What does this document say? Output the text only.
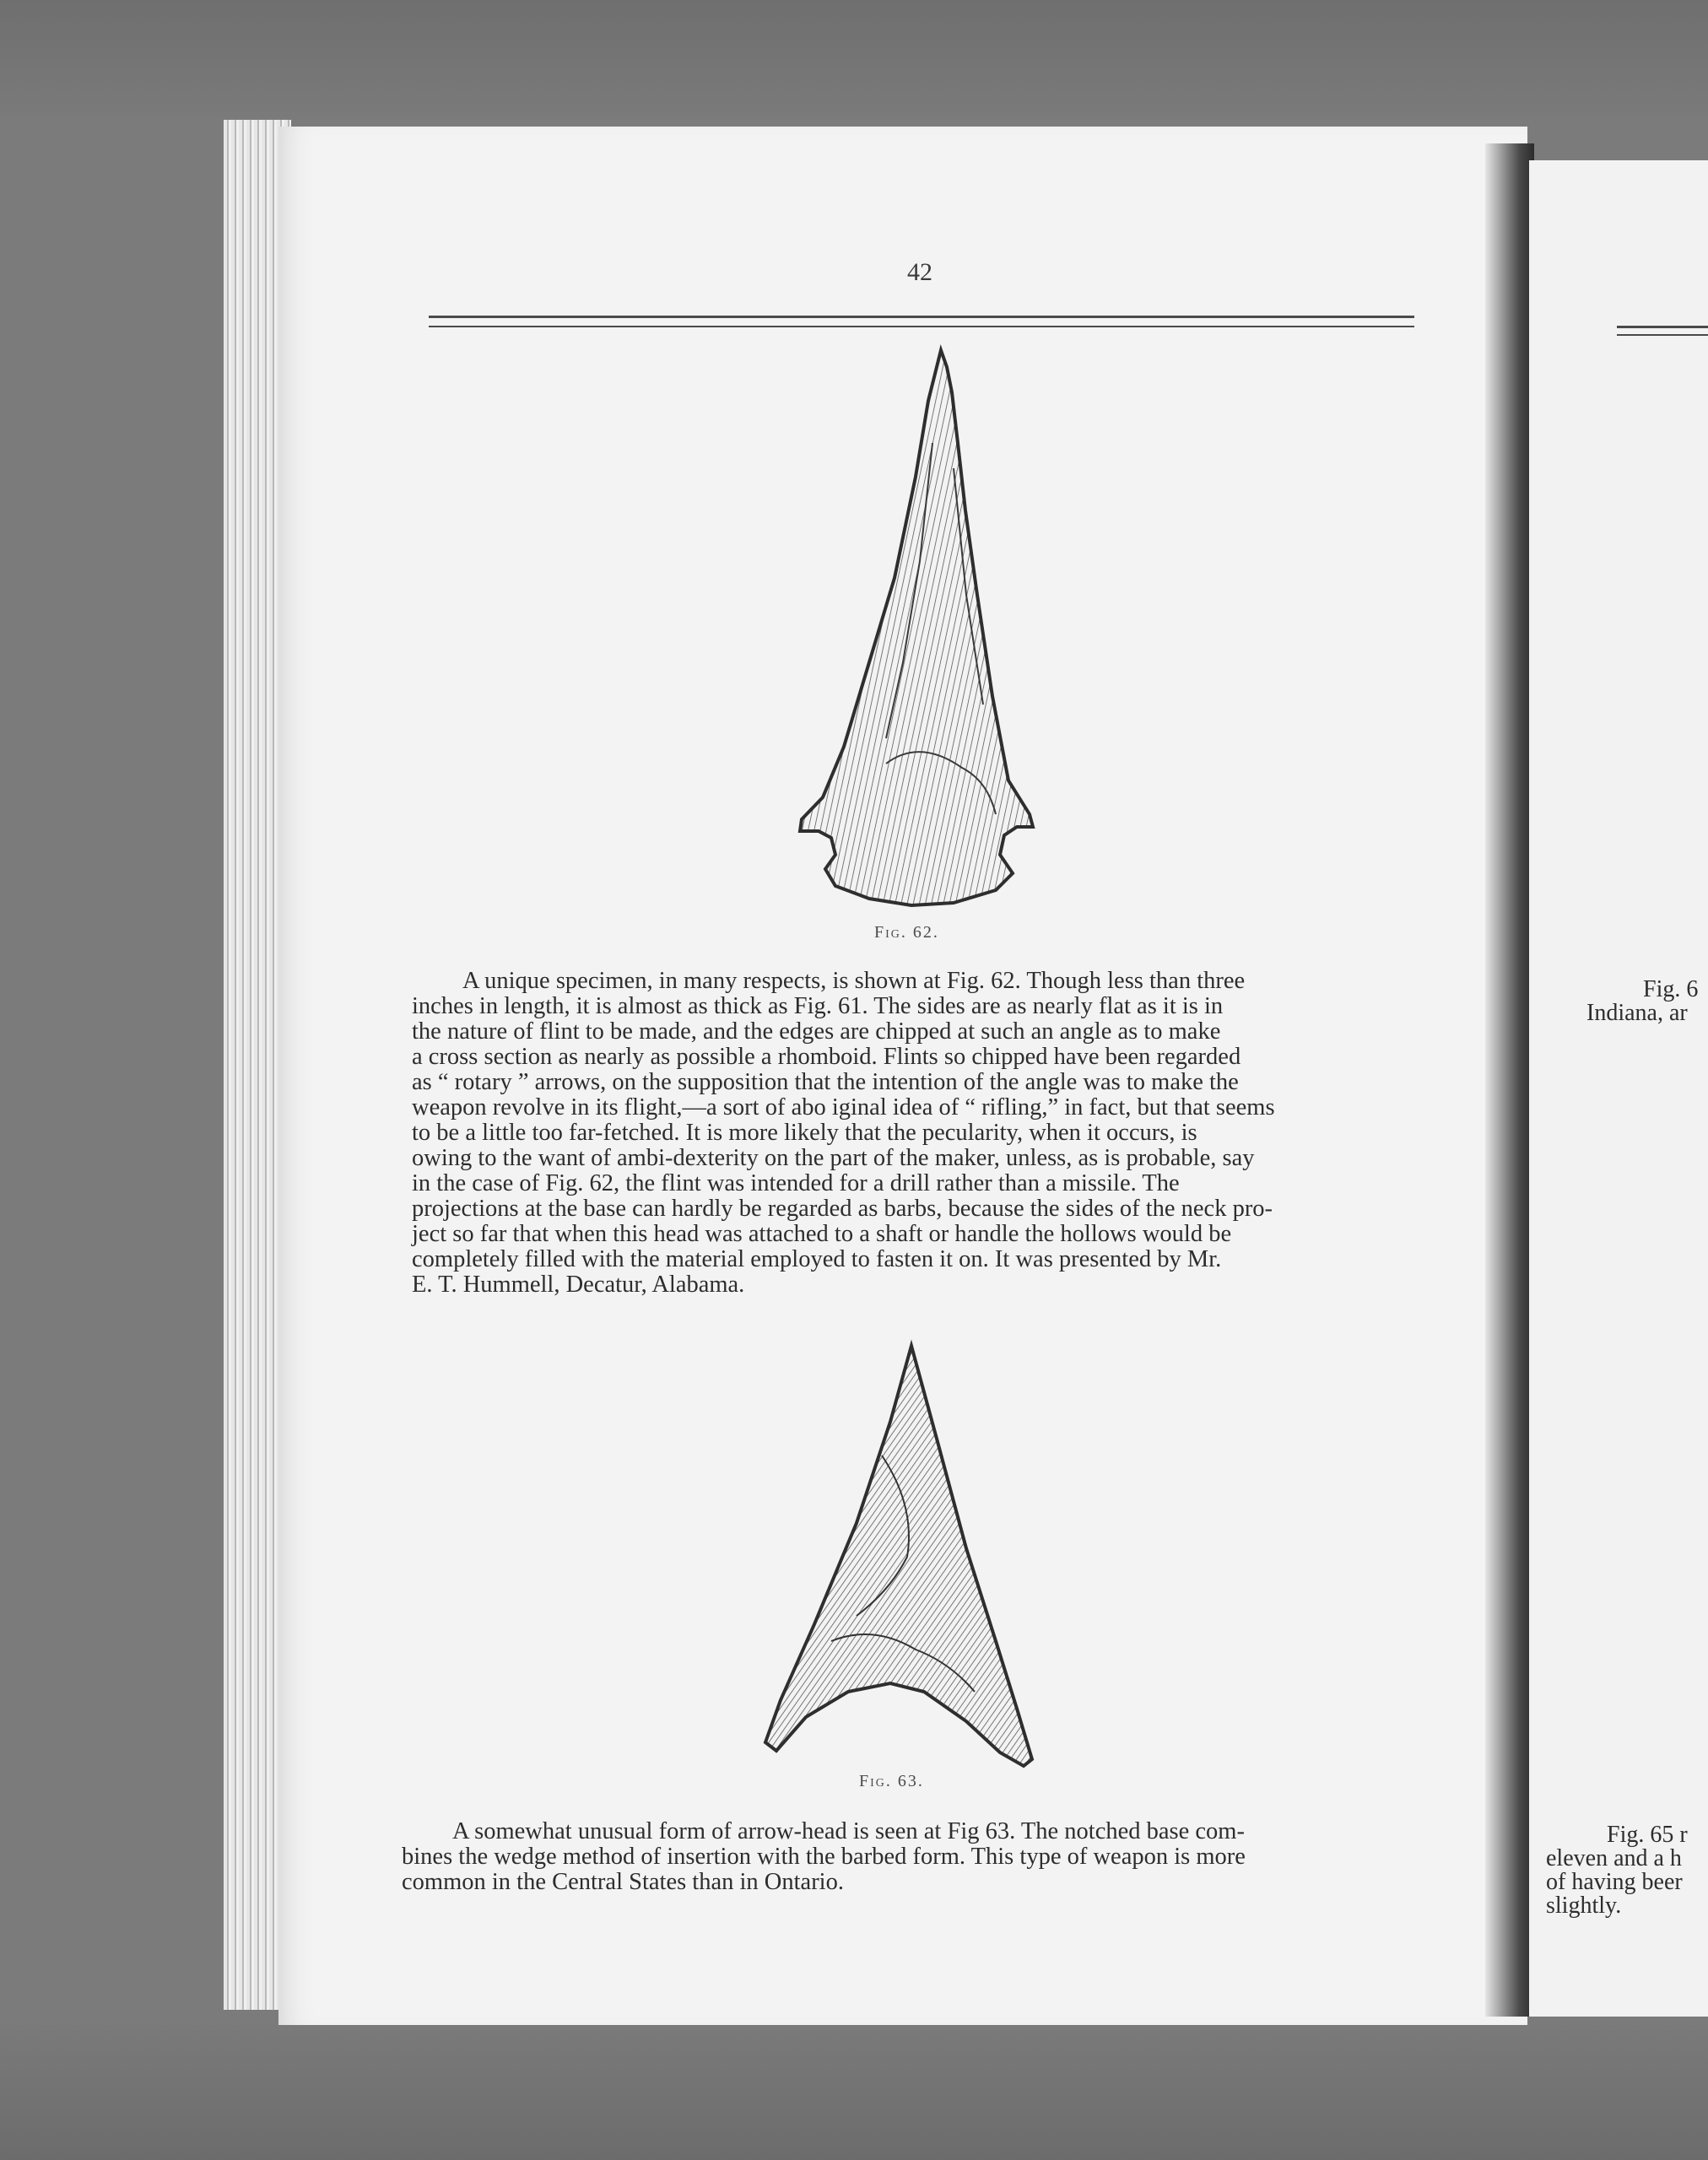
42
Fig. 62.
A unique specimen, in many respects, is shown at Fig. 62. Though less than three
inches in length, it is almost as thick as Fig. 61. The sides are as nearly flat as it is in
the nature of flint to be made, and the edges are chipped at such an angle as to make
a cross section as nearly as possible a rhomboid. Flints so chipped have been regarded
as “ rotary ” arrows, on the supposition that the intention of the angle was to make the
weapon revolve in its flight,—a sort of abo iginal idea of “ rifling,” in fact, but that seems
to be a little too far-fetched. It is more likely that the pecularity, when it occurs, is
owing to the want of ambi-dexterity on the part of the maker, unless, as is probable, say
in the case of Fig. 62, the flint was intended for a drill rather than a missile. The
projections at the base can hardly be regarded as barbs, because the sides of the neck pro-
ject so far that when this head was attached to a shaft or handle the hollows would be
completely filled with the material employed to fasten it on. It was presented by Mr.
E. T. Hummell, Decatur, Alabama.
Fig. 63.
A somewhat unusual form of arrow-head is seen at Fig 63. The notched base com-
bines the wedge method of insertion with the barbed form. This type of weapon is more
common in the Central States than in Ontario.
Fig. 6
Indiana, ar
Fig. 65 r
eleven and a h
of having beer
slightly.
